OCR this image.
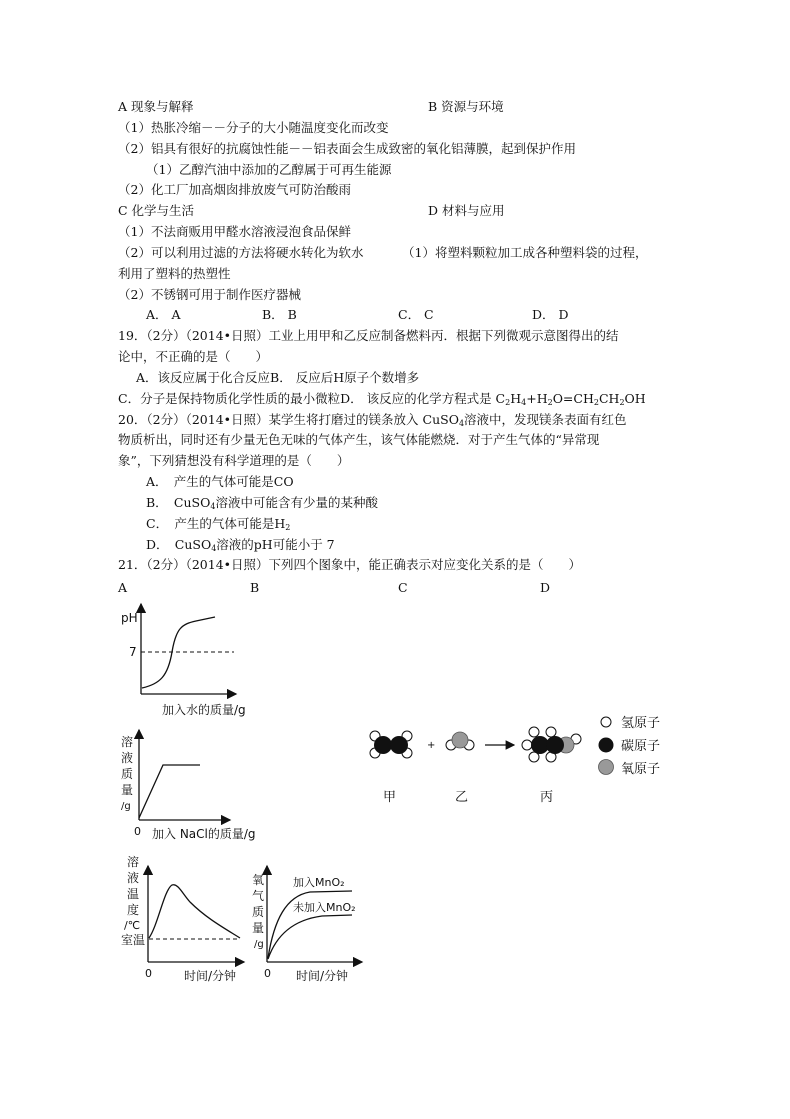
A 现象与解释	B 资源与环境
（1）热胀冷缩－－分子的大小随温度变化而改变
（2）铝具有很好的抗腐蚀性能－－铝表面会生成致密的氧化铝薄膜，起到保护作用
（1）乙醇汽油中添加的乙醇属于可再生能源
（2）化工厂加高烟囱排放废气可防治酸雨
C 化学与生活	D 材料与应用
（1）不法商贩用甲醛水溶液浸泡食品保鲜
（2）可以利用过滤的方法将硬水转化为软水	（1）将塑料颗粒加工成各种塑料袋的过程，
利用了塑料的热塑性
（2）不锈钢可用于制作医疗器械
A． A	B． B	C． C	D． D
19．（2分）（2014•日照）工业上用甲和乙反应制备燃料丙．根据下列微观示意图得出的结
论中，不正确的是（　　）
A．该反应属于化合反应B． 反应后H原子个数增多
C．分子是保持物质化学性质的最小微粒D． 该反应的化学方程式是 $C_2H_4+H_2O=CH_2CH_2OH$
20．（2分）（2014•日照）某学生将打磨过的镁条放入 CuSO$_4$溶液中，发现镁条表面有红色
物质析出，同时还有少量无色无味的气体产生，该气体能燃烧．对于产生气体的“异常现
象”，下列猜想没有科学道理的是（　　）
A．　产生的气体可能是CO
B．　CuSO$_4$溶液中可能含有少量的某种酸
C．　产生的气体可能是$H_2$
D．　CuSO$_4$溶液的pH可能小于 7
21．（2分）（2014•日照）下列四个图象中，能正确表示对应变化关系的是（　　）
A	B	C	D
pH
7
加入水的质量/g
溶
液
质
量
/g
0 加入 NaCl的质量/g
溶
液
温
度
/℃
室温
0	时间/分钟
氧
气
质
量
/g
0 时间/分钟
加入MnO₂
未加入MnO₂
+
甲	乙	丙
氢原子
碳原子
氧原子
